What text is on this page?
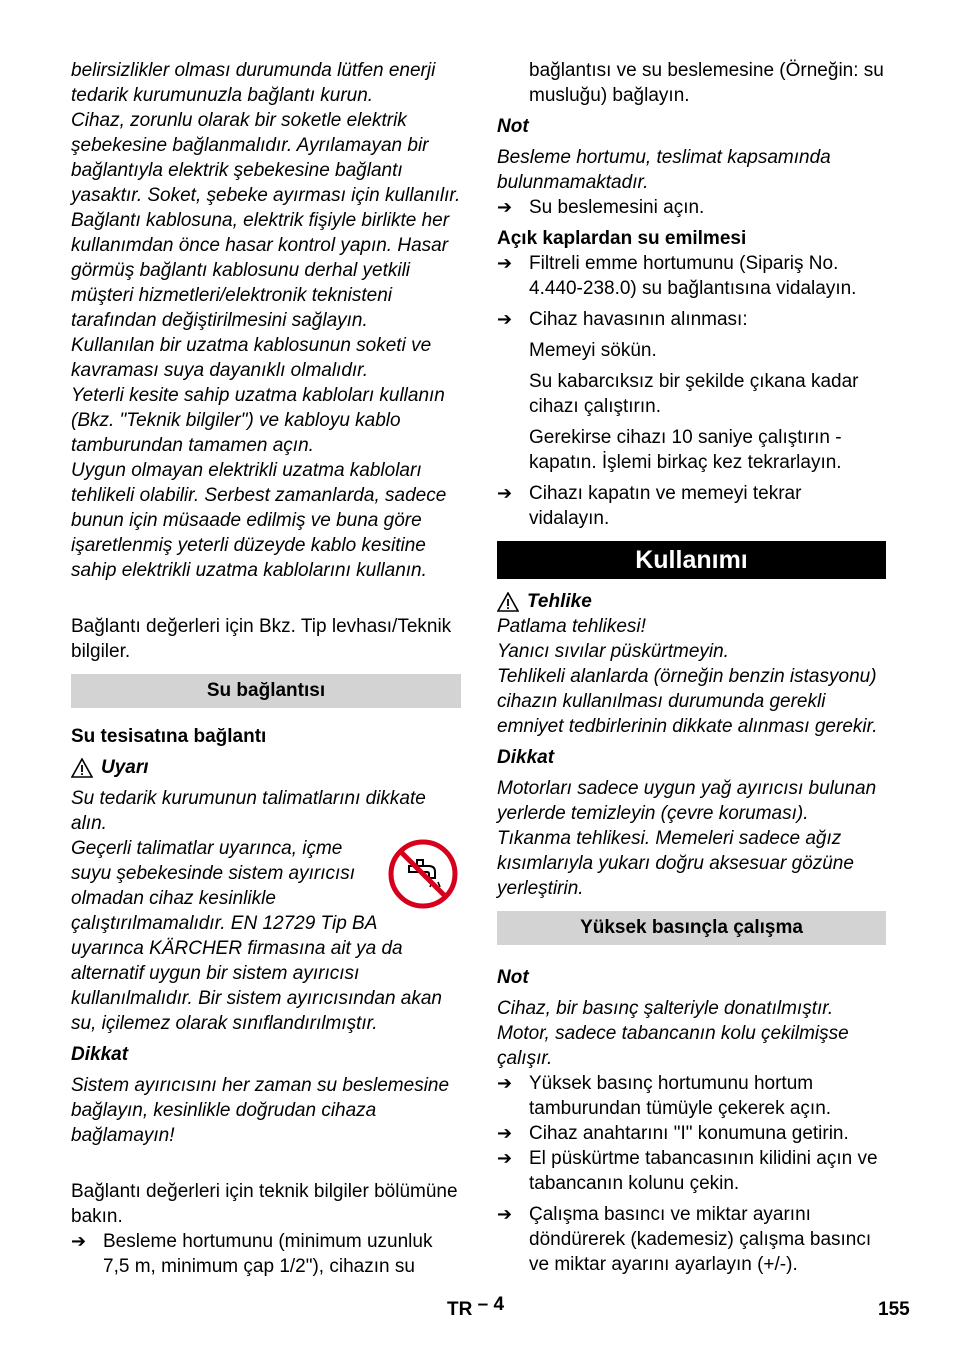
belirsizlikler olması durumunda lütfen enerji tedarik kurumunuzla bağlantı kurun.

Cihaz, zorunlu olarak bir soketle elektrik şebekesine bağlanmalıdır. Ayrılamayan bir bağlantıyla elektrik şebekesine bağlantı yasaktır. Soket, şebeke ayırması için kullanılır.

Bağlantı kablosuna, elektrik fişiyle birlikte her kullanımdan önce hasar kontrol yapın. Hasar görmüş bağlantı kablosunu derhal yetkili müşteri hizmetleri/elektronik teknisteni tarafından değiştirilmesini sağlayın.

Kullanılan bir uzatma kablosunun soketi ve kavraması suya dayanıklı olmalıdır.

Yeterli kesite sahip uzatma kabloları kullanın (Bkz. "Teknik bilgiler") ve kabloyu kablo tamburundan tamamen açın.

Uygun olmayan elektrikli uzatma kabloları tehlikeli olabilir. Serbest zamanlarda, sadece bunun için müsaade edilmiş ve buna göre işaretlenmiş yeterli düzeyde kablo kesitine sahip elektrikli uzatma kablolarını kullanın.

Bağlantı değerleri için Bkz. Tip levhası/Teknik bilgiler.

Su bağlantısı

Su tesisatına bağlantı

Uyarı

Su tedarik kurumunun talimatlarını dikkate alın.

Geçerli talimatlar uyarınca, içme suyu şebekesinde sistem ayırıcısı olmadan cihaz kesinlikle çalıştırılmamalıdır. EN 12729 Tip BA uyarınca KÄRCHER firmasına ait ya da alternatif uygun bir sistem ayırıcısı kullanılmalıdır. Bir sistem ayırıcısından akan su, içilemez olarak sınıflandırılmıştır.

Dikkat

Sistem ayırıcısını her zaman su beslemesine bağlayın, kesinlikle doğrudan cihaza bağlamayın!

Bağlantı değerleri için teknik bilgiler bölümüne bakın.

➔ Besleme hortumunu (minimum uzunluk 7,5 m, minimum çap 1/2"), cihazın su

bağlantısı ve su beslemesine (Örneğin: su musluğu) bağlayın.

Not

Besleme hortumu, teslimat kapsamında bulunmamaktadır.

➔ Su beslemesini açın.

Açık kaplardan su emilmesi

➔ Filtreli emme hortumunu (Sipariş No. 4.440-238.0) su bağlantısına vidalayın.
➔ Cihaz havasının alınması:

Memeyi sökün.

Su kabarcıksız bir şekilde çıkana kadar cihazı çalıştırın.

Gerekirse cihazı 10 saniye çalıştırın - kapatın. İşlemi birkaç kez tekrarlayın.

➔ Cihazı kapatın ve memeyi tekrar vidalayın.
Kullanımı
Tehlike

Patlama tehlikesi!

Yanıcı sıvılar püskürtmeyin.

Tehlikeli alanlarda (örneğin benzin istasyonu) cihazın kullanılması durumunda gerekli emniyet tedbirlerinin dikkate alınması gerekir.

Dikkat

Motorları sadece uygun yağ ayırıcısı bulunan yerlerde temizleyin (çevre koruması).

Tıkanma tehlikesi. Memeleri sadece ağız kısımlarıyla yukarı doğru aksesuar gözüne yerleştirin.

Yüksek basınçla çalışma

Not

Cihaz, bir basınç şalteriyle donatılmıştır. Motor, sadece tabancanın kolu çekilmişse çalışır.

➔ Yüksek basınç hortumunu hortum tamburundan tümüyle çekerek açın.
➔ Cihaz anahtarını "I" konumuna getirin.
➔ El püskürtme tabancasının kilidini açın ve tabancanın kolunu çekin.
➔ Çalışma basıncı ve miktar ayarını döndürerek (kademesiz) çalışma basıncı ve miktar ayarını ayarlayın (+/-).
TR – 4	155
